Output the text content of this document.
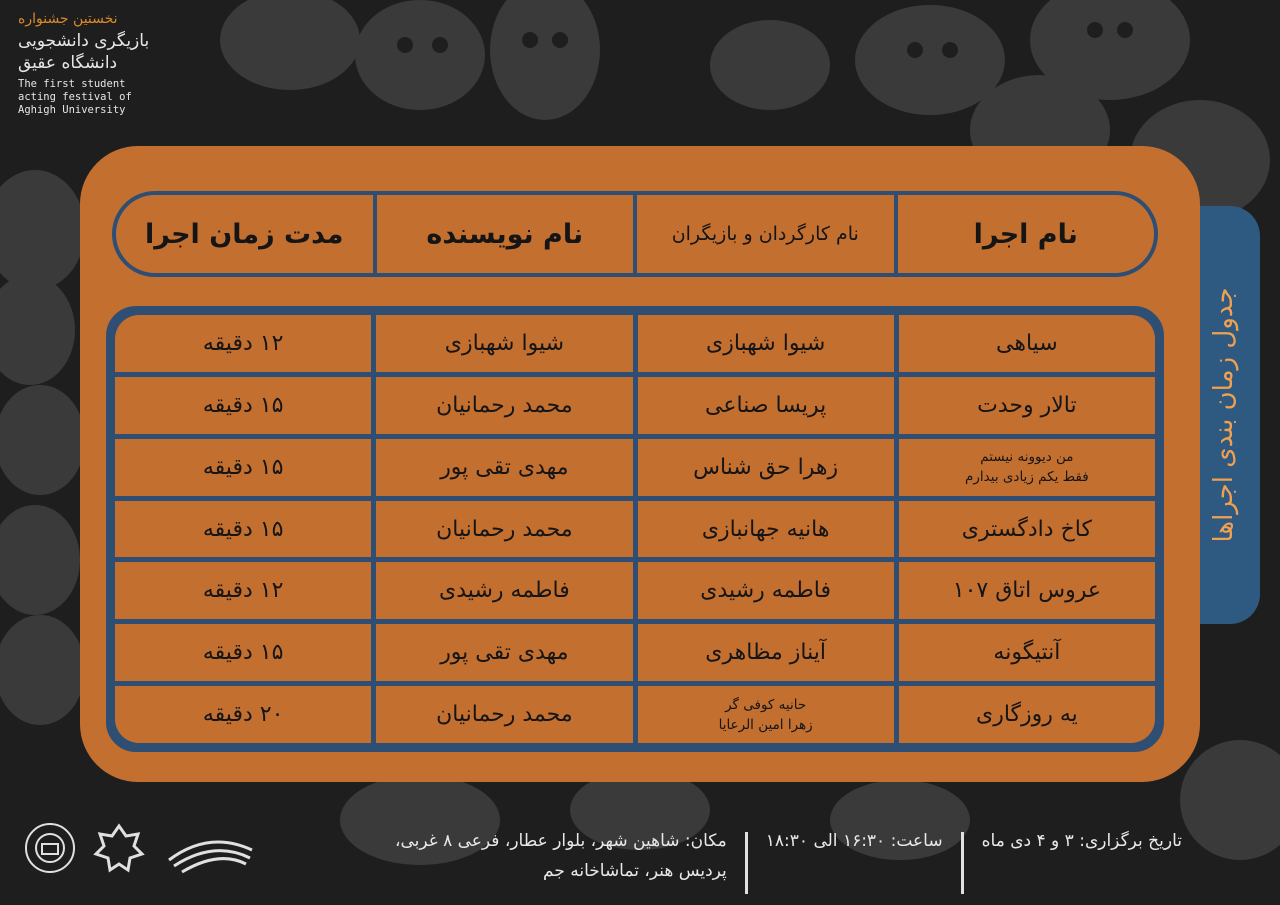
نخستین جشنواره
بازیگری دانشجویی
دانشگاه عقیق
The first student
acting festival of
Aghigh University
جدول زمان بندی اجراها
نام اجرا
نام کارگردان و بازیگران
نام نویسنده
مدت زمان اجرا
سیاهی
شیوا شهبازی
شیوا شهبازی
۱۲ دقیقه
تالار وحدت
پریسا صناعی
محمد رحمانیان
۱۵ دقیقه
من دیوونه نیستم
فقط یکم زیادی بیدارم
زهرا حق شناس
مهدی تقی پور
۱۵ دقیقه
کاخ دادگستری
هانیه جهانبازی
محمد رحمانیان
۱۵ دقیقه
عروس اتاق ۱۰۷
فاطمه رشیدی
فاطمه رشیدی
۱۲ دقیقه
آنتیگونه
آیناز مظاهری
مهدی تقی پور
۱۵ دقیقه
یه روزگاری
حانیه کوفی گر
زهرا امین الرعایا
محمد رحمانیان
۲۰ دقیقه
تاریخ برگزاری: ۳ و ۴ دی ماه
ساعت: ۱۶:۳۰ الی ۱۸:۳۰
مکان: شاهین شهر، بلوار عطار، فرعی ۸ غربی،
پردیس هنر، تماشاخانه جم
